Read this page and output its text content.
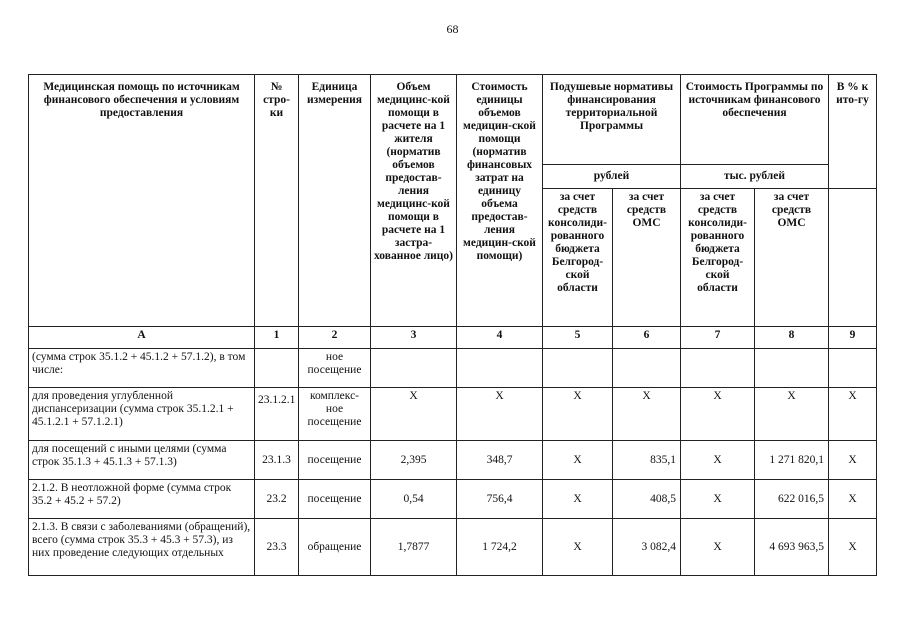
68
Медицинская помощь по источникам финансового обеспечения и условиям предоставления	№ стро-ки	Единица измерения	Объем медицинс-кой помощи в расчете на 1 жителя (норматив объемов предостав-ления медицинс-кой помощи в расчете на 1 застра-хованное лицо)	Стоимость единицы объемов медицин-ской помощи (норматив финансовых затрат на единицу объема предостав-ления медицин-ской помощи)	Подушевые нормативы финансирования территориальной Программы		Стоимость Программы по источникам финансового обеспечения		В % к ито-гу
					рублей		тыс. рублей		
					за счет средств консолиди-рованного бюджета Белгород-ской области	за счет средств ОМС	за счет средств консолиди-рованного бюджета Белгород-ской области	за счет средств ОМС	
А	1	2	3	4	5	6	7	8	9
(сумма строк 35.1.2 + 45.1.2 + 57.1.2), в том числе:		ное посещение							
для проведения углубленной диспансеризации (сумма строк 35.1.2.1 + 45.1.2.1 + 57.1.2.1)	23.1.2.1	комплекс-ное посещение	Х	Х	Х	Х	Х	Х	Х
для посещений с иными целями (сумма строк 35.1.3 + 45.1.3 + 57.1.3)	23.1.3	посещение	2,395	348,7	Х	835,1	Х	1 271 820,1	Х
2.1.2. В неотложной форме (сумма строк 35.2 + 45.2 + 57.2)	23.2	посещение	0,54	756,4	Х	408,5	Х	622 016,5	Х
2.1.3. В связи с заболеваниями (обращений), всего (сумма строк 35.3 + 45.3 + 57.3), из них проведение следующих отдельных	23.3	обращение	1,7877	1 724,2	Х	3 082,4	Х	4 693 963,5	Х
